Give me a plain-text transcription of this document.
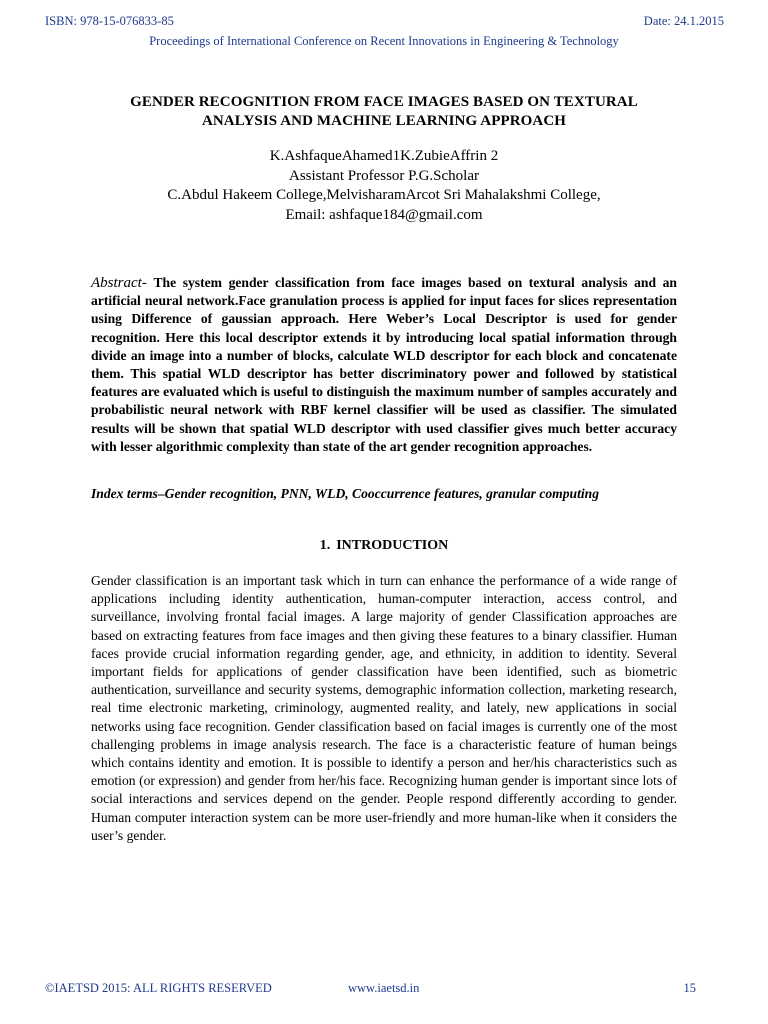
ISBN: 978-15-076833-85	Date: 24.1.2015
Proceedings of International Conference on Recent Innovations in Engineering & Technology
GENDER RECOGNITION FROM FACE IMAGES BASED ON TEXTURAL
ANALYSIS AND MACHINE LEARNING APPROACH
K.AshfaqueAhamed1K.ZubieAffrin 2
Assistant Professor P.G.Scholar
C.Abdul Hakeem College,MelvisharamArcot Sri Mahalakshmi College,
Email: ashfaque184@gmail.com
Abstract- The system gender classification from face images based on textural analysis and an artificial neural network.Face granulation process is applied for input faces for slices representation using Difference of gaussian approach. Here Weber’s Local Descriptor is used for gender recognition. Here this local descriptor extends it by introducing local spatial information through divide an image into a number of blocks, calculate WLD descriptor for each block and concatenate them. This spatial WLD descriptor has better discriminatory power and followed by statistical features are evaluated which is useful to distinguish the maximum number of samples accurately and probabilistic neural network with RBF kernel classifier will be used as classifier. The simulated results will be shown that spatial WLD descriptor with used classifier gives much better accuracy with lesser algorithmic complexity than state of the art gender recognition approaches.
Index terms–Gender recognition, PNN, WLD, Cooccurrence features, granular computing
1. INTRODUCTION
Gender classification is an important task which in turn can enhance the performance of a wide range of applications including identity authentication, human-computer interaction, access control, and surveillance, involving frontal facial images. A large majority of gender Classification approaches are based on extracting features from face images and then giving these features to a binary classifier. Human faces provide crucial information regarding gender, age, and ethnicity, in addition to identity. Several important fields for applications of gender classification have been identified, such as biometric authentication, surveillance and security systems, demographic information collection, marketing research, real time electronic marketing, criminology, augmented reality, and lately, new applications in social networks using face recognition. Gender classification based on facial images is currently one of the most challenging problems in image analysis research. The face is a characteristic feature of human beings which contains identity and emotion. It is possible to identify a person and her/his characteristics such as emotion (or expression) and gender from her/his face. Recognizing human gender is important since lots of social interactions and services depend on the gender. People respond differently according to gender. Human computer interaction system can be more user-friendly and more human-like when it considers the user’s gender.
©IAETSD 2015: ALL RIGHTS RESERVED	www.iaetsd.in	15
